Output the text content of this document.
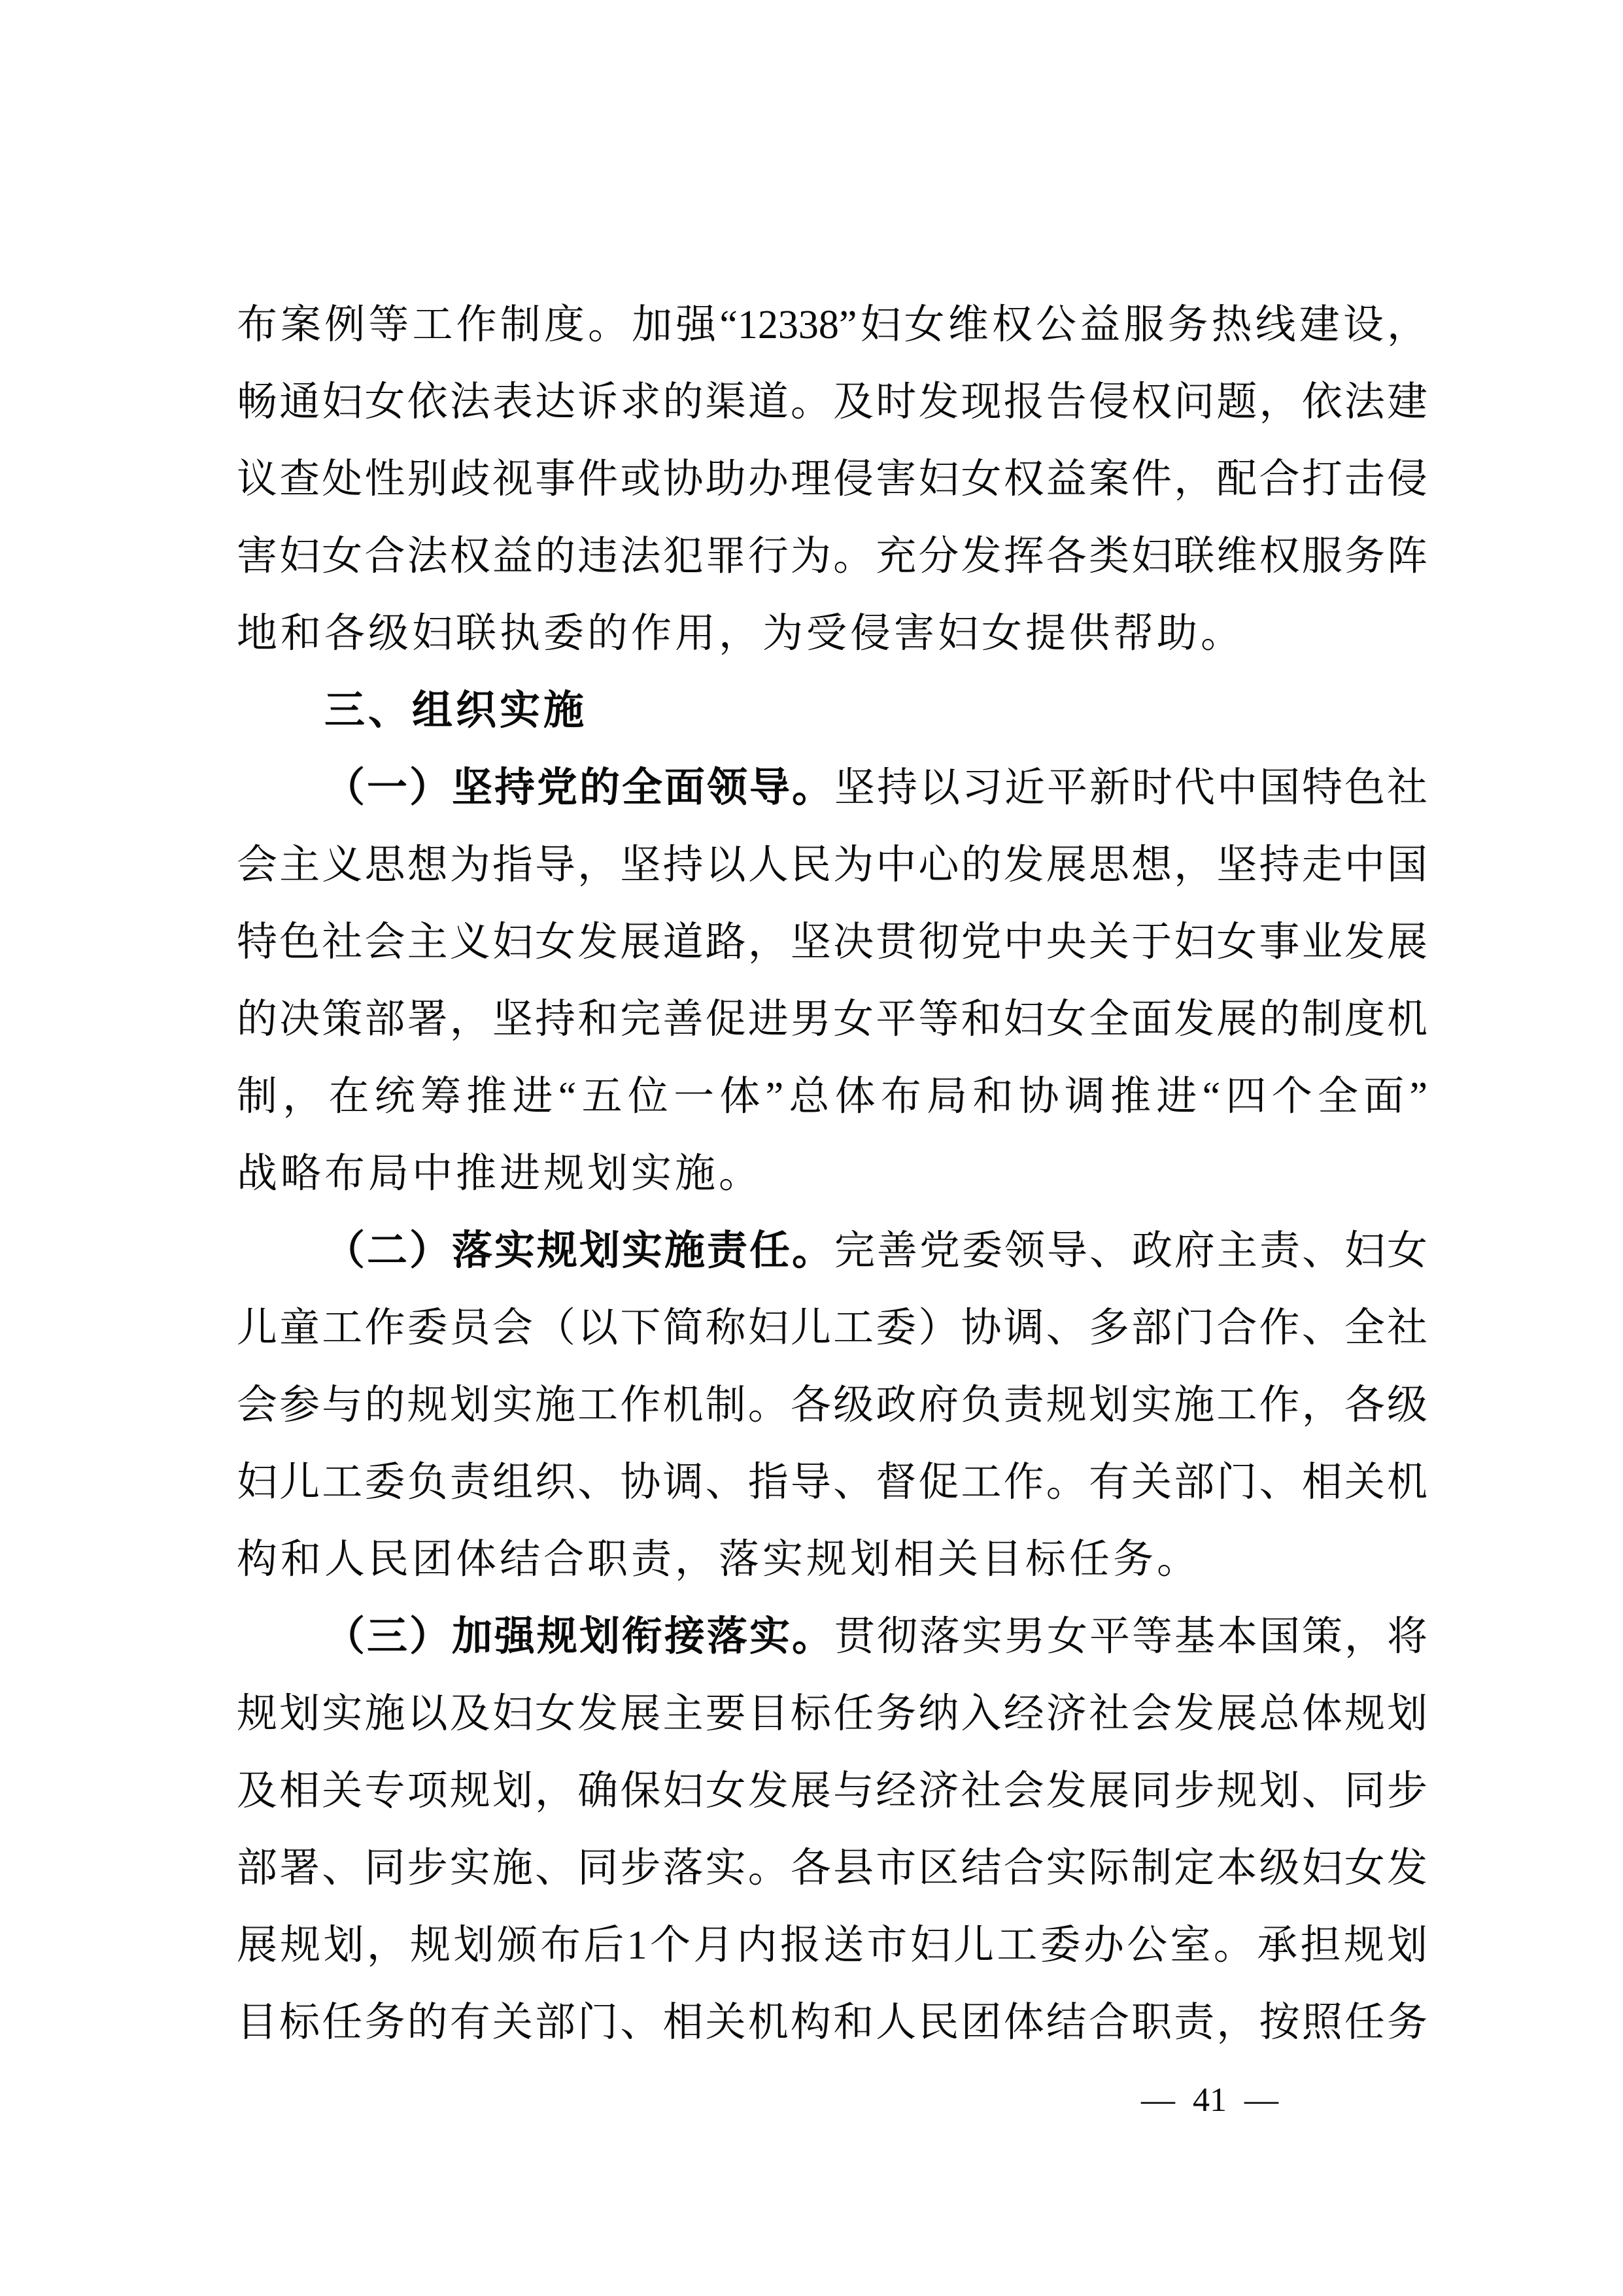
布案例等工作制度。加强“12338”妇女维权公益服务热线建设，
畅通妇女依法表达诉求的渠道。及时发现报告侵权问题，依法建
议查处性别歧视事件或协助办理侵害妇女权益案件，配合打击侵
害妇女合法权益的违法犯罪行为。充分发挥各类妇联维权服务阵
地和各级妇联执委的作用，为受侵害妇女提供帮助。
三、组织实施
（一）坚持党的全面领导。坚持以习近平新时代中国特色社
会主义思想为指导，坚持以人民为中心的发展思想，坚持走中国
特色社会主义妇女发展道路，坚决贯彻党中央关于妇女事业发展
的决策部署，坚持和完善促进男女平等和妇女全面发展的制度机
制，在统筹推进“五位一体”总体布局和协调推进“四个全面”
战略布局中推进规划实施。
（二）落实规划实施责任。完善党委领导、政府主责、妇女
儿童工作委员会（以下简称妇儿工委）协调、多部门合作、全社
会参与的规划实施工作机制。各级政府负责规划实施工作，各级
妇儿工委负责组织、协调、指导、督促工作。有关部门、相关机
构和人民团体结合职责，落实规划相关目标任务。
（三）加强规划衔接落实。贯彻落实男女平等基本国策，将
规划实施以及妇女发展主要目标任务纳入经济社会发展总体规划
及相关专项规划，确保妇女发展与经济社会发展同步规划、同步
部署、同步实施、同步落实。各县市区结合实际制定本级妇女发
展规划，规划颁布后1个月内报送市妇儿工委办公室。承担规划
目标任务的有关部门、相关机构和人民团体结合职责，按照任务
— 41 —
